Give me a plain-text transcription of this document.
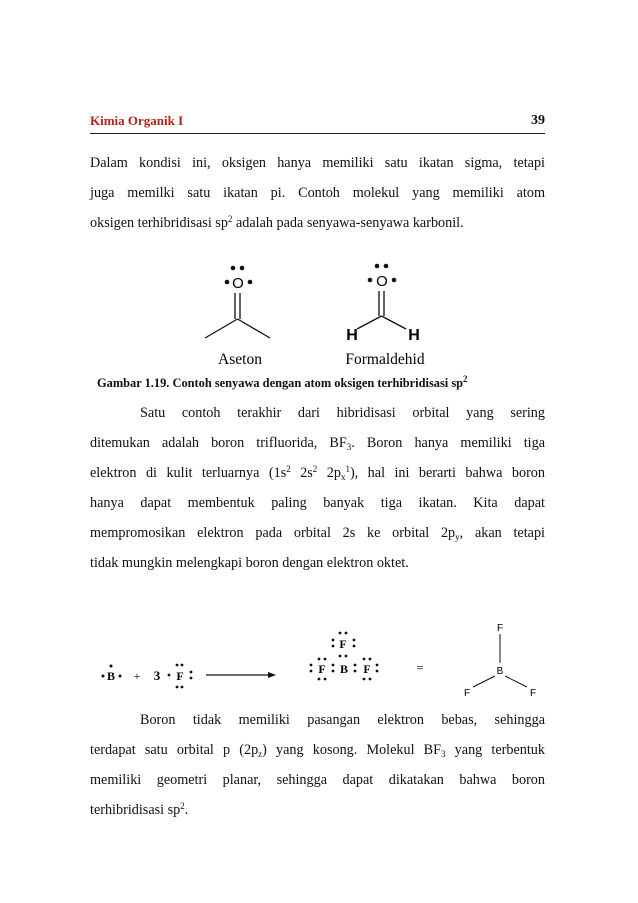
Kimia Organik I	39
Dalam kondisi ini, oksigen hanya memiliki satu ikatan sigma, tetapi
juga memilki satu ikatan pi. Contoh molekul yang memiliki atom
oksigen terhibridisasi $sp^2$ adalah pada senyawa-senyawa karbonil.
O
Aseton
O
H	H
Formaldehid
Gambar 1.19. Contoh senyawa dengan atom oksigen terhibridisasi $sp^2$
Satu contoh terakhir dari hibridisasi orbital yang sering
ditemukan adalah boron trifluorida, $BF_3$. Boron hanya memiliki tiga
elektron di kulit terluarnya ($1s^2$ $2s^2$ $2p_x^1$), hal ini berarti bahwa boron
hanya dapat membentuk paling banyak tiga ikatan. Kita dapat
mempromosikan elektron pada orbital 2s ke orbital $2p_y$, akan tetapi
tidak mungkin melengkapi boron dengan elektron oktet.
B + 3 F
F
F B F	=
F
B
F	F
Boron tidak memiliki pasangan elektron bebas, sehingga
terdapat satu orbital p $(2p_z)$ yang kosong. Molekul $BF_3$ yang terbentuk
memiliki geometri planar, sehingga dapat dikatakan bahwa boron
terhibridisasi $sp^2$.
